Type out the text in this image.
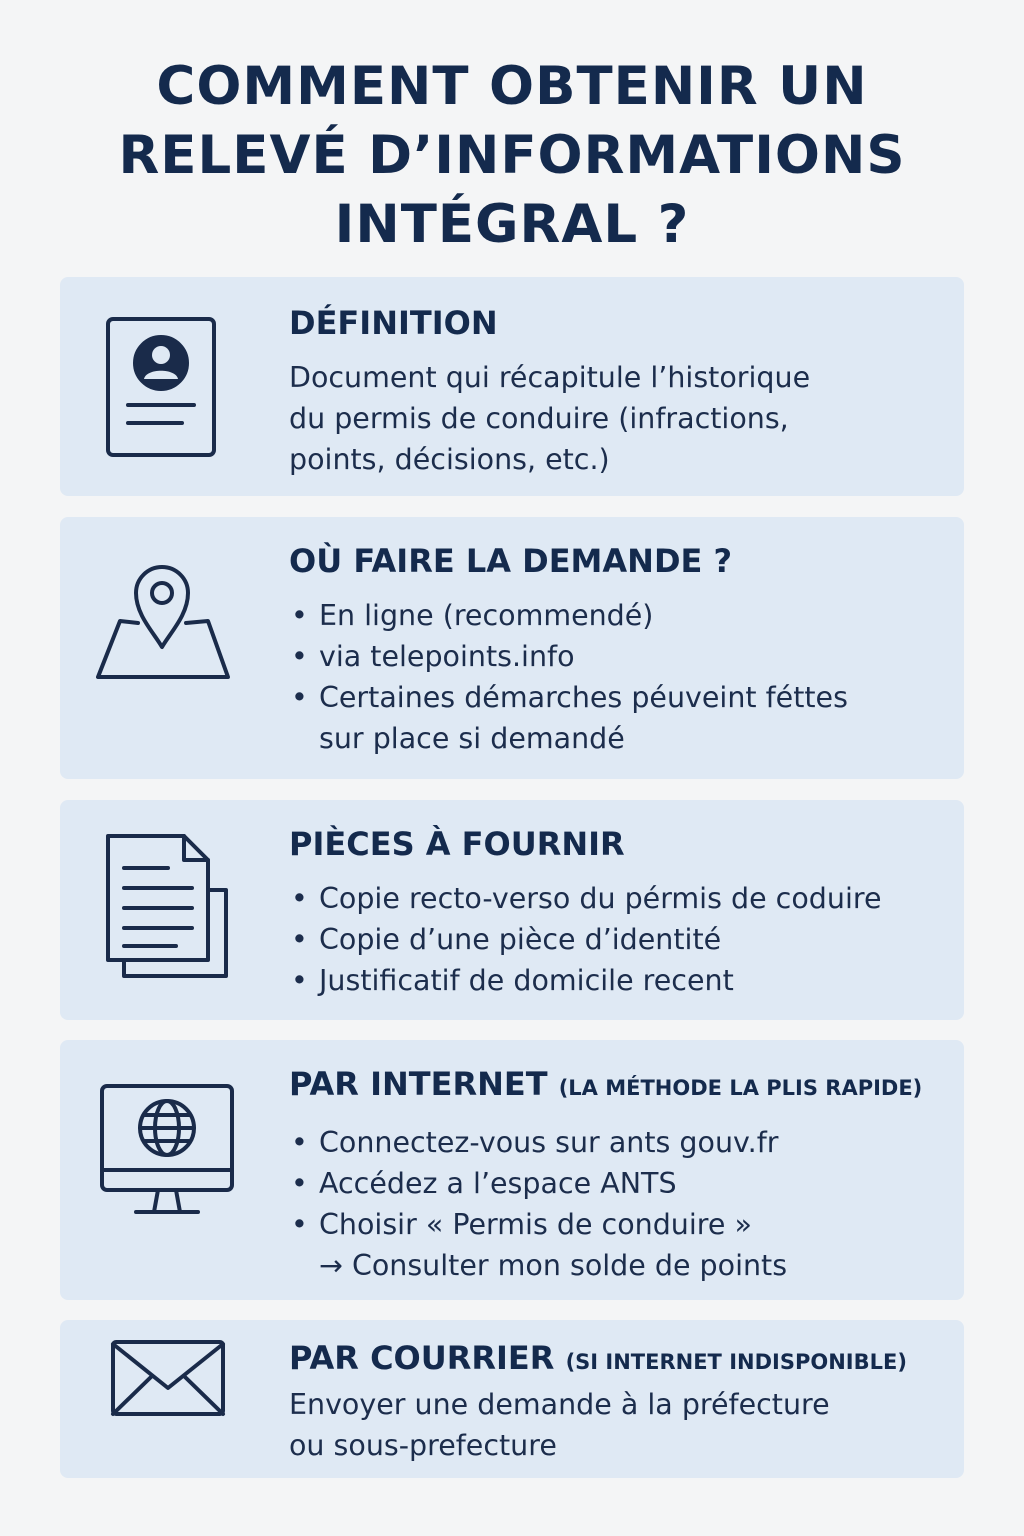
COMMENT OBTENIR UN
RELEVÉ D’INFORMATIONS
INTÉGRAL ?
DÉFINITION

Document qui récapitule l’historique
du permis de conduire (infractions,
points, décisions, etc.)

OÙ FAIRE LA DEMANDE ?
• En ligne (recommendé)
• via telepoints.info
• Certaines démarches péuveint féttes
sur place si demandé
PIÈCES À FOURNIR
• Copie recto-verso du pérmis de coduire
• Copie d’une pièce d’identité
• Justificatif de domicile recent
PAR INTERNET (LA MÉTHODE LA PLIS RAPIDE)
• Connectez-vous sur ants gouv.fr
• Accédez a l’espace ANTS
• Choisir « Permis de conduire »
→ Consulter mon solde de points
PAR COURRIER (SI INTERNET INDISPONIBLE)

Envoyer une demande à la préfecture
ou sous-prefecture
